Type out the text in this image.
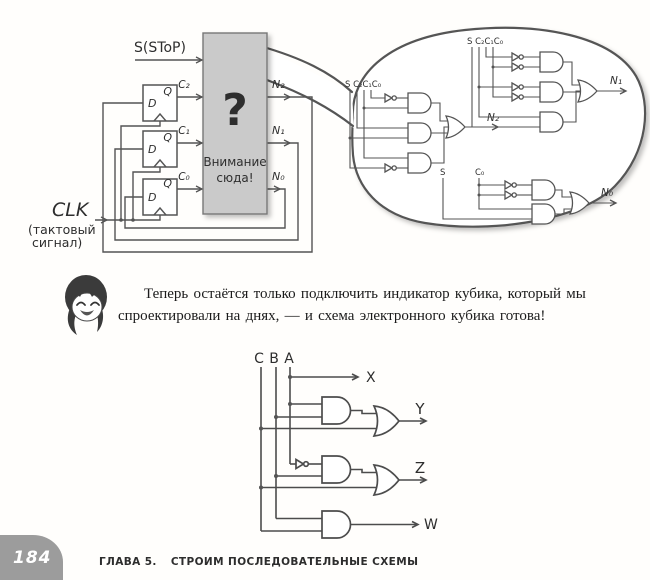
S C₂C₁C₀
N₂
S C₂C₁C₀
N₁
S	C₀
N₀
D
D
D
Q
Q
Q
?
Внимание
сюда!
S(SToP)
C₂
C₁
C₀
N₂
N₁
N₀
CLK
(тактовый
сигнал)
Теперь остаётся только подключить индикатор кубика, который мы
спроектировали на днях, — и схема электронного кубика готова!
C B A
X
Y
Z
W
184	ГЛАВА 5. СТРОИМ ПОСЛЕДОВАТЕЛЬНЫЕ СХЕМЫ
